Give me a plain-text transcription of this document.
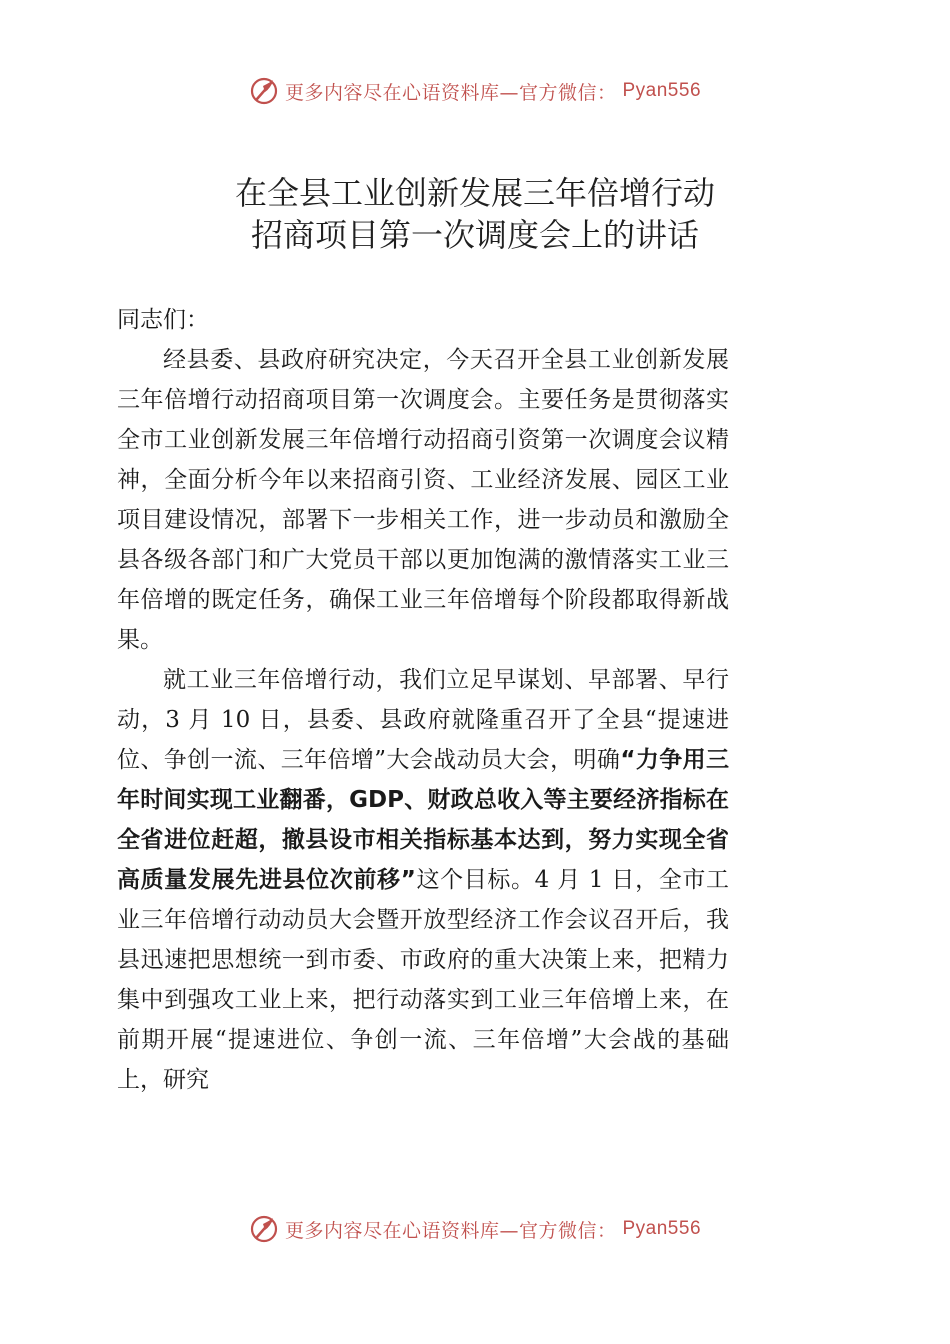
更多内容尽在心语资料库—官方微信： Pyan556
在全县工业创新发展三年倍增行动
招商项目第一次调度会上的讲话

同志们：

经县委、县政府研究决定，今天召开全县工业创新发展三年倍增行动招商项目第一次调度会。主要任务是贯彻落实全市工业创新发展三年倍增行动招商引资第一次调度会议精神，全面分析今年以来招商引资、工业经济发展、园区工业项目建设情况，部署下一步相关工作，进一步动员和激励全县各级各部门和广大党员干部以更加饱满的激情落实工业三年倍增的既定任务，确保工业三年倍增每个阶段都取得新战果。

就工业三年倍增行动，我们立足早谋划、早部署、早行动，3 月 10 日，县委、县政府就隆重召开了全县“提速进位、争创一流、三年倍增”大会战动员大会，明确“力争用三年时间实现工业翻番，GDP、财政总收入等主要经济指标在全省进位赶超，撤县设市相关指标基本达到，努力实现全省高质量发展先进县位次前移”这个目标。4 月 1 日，全市工业三年倍增行动动员大会暨开放型经济工作会议召开后，我县迅速把思想统一到市委、市政府的重大决策上来，把精力集中到强攻工业上来，把行动落实到工业三年倍增上来，在前期开展“提速进位、争创一流、三年倍增”大会战的基础上，研究

更多内容尽在心语资料库—官方微信： Pyan556
